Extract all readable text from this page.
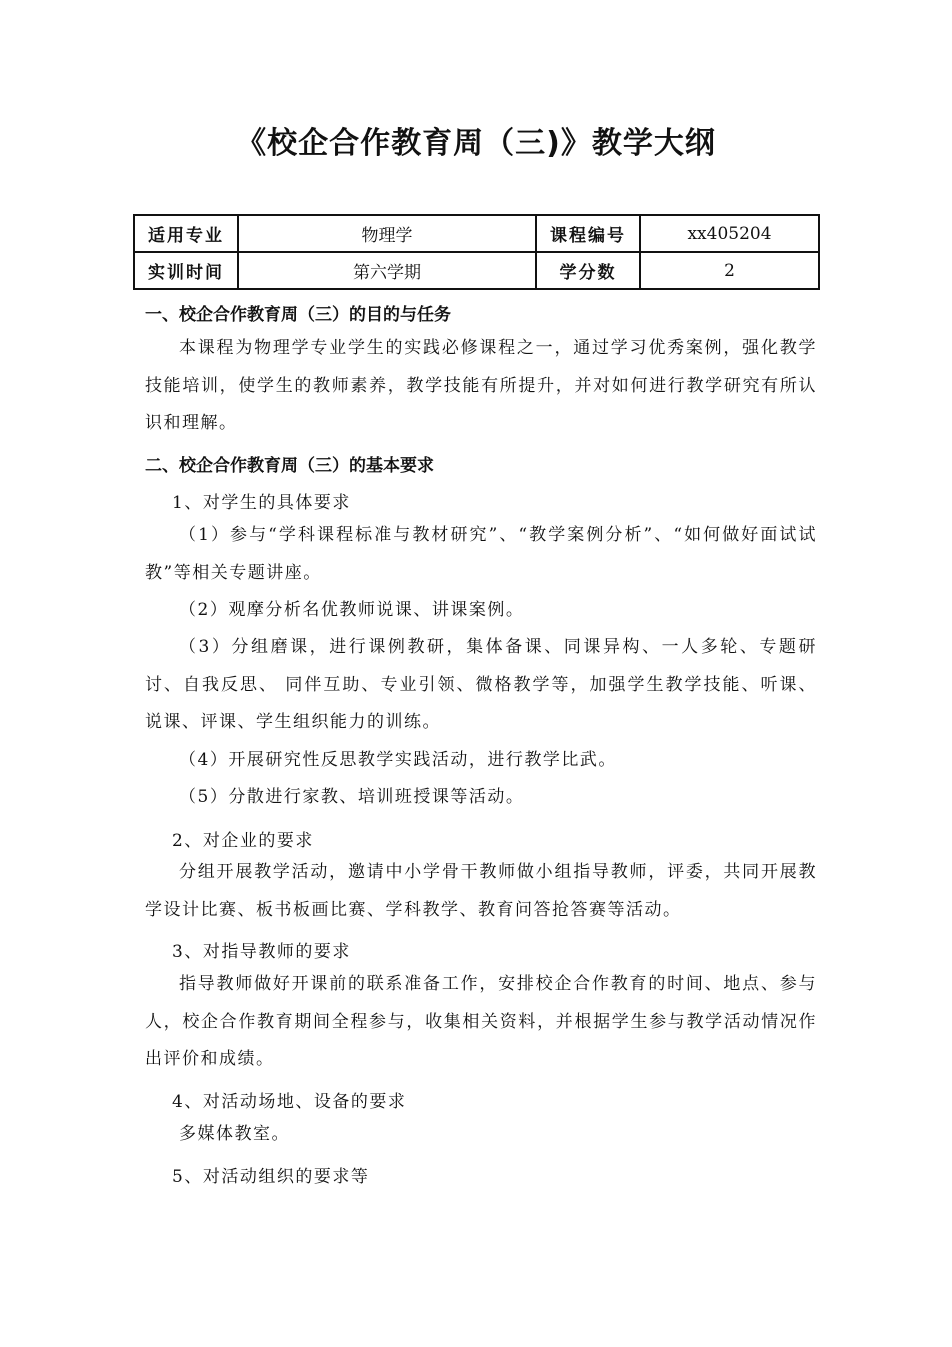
《校企合作教育周（三)》教学大纲
适用专业	物理学	课程编号	xx405204
实训时间	第六学期	学分数	2
一、校企合作教育周（三）的目的与任务
本课程为物理学专业学生的实践必修课程之一，通过学习优秀案例，强化教学技能培训，使学生的教师素养，教学技能有所提升，并对如何进行教学研究有所认识和理解。
二、校企合作教育周（三）的基本要求
1、对学生的具体要求
（1）参与“学科课程标准与教材研究”、“教学案例分析”、“如何做好面试试教”等相关专题讲座。
（2）观摩分析名优教师说课、讲课案例。
（3）分组磨课，进行课例教研，集体备课、同课异构、一人多轮、专题研讨、自我反思、 同伴互助、专业引领、微格教学等，加强学生教学技能、听课、说课、评课、学生组织能力的训练。
（4）开展研究性反思教学实践活动，进行教学比武。
（5）分散进行家教、培训班授课等活动。
2、对企业的要求
分组开展教学活动，邀请中小学骨干教师做小组指导教师，评委，共同开展教学设计比赛、板书板画比赛、学科教学、教育问答抢答赛等活动。
3、对指导教师的要求
指导教师做好开课前的联系准备工作，安排校企合作教育的时间、地点、参与人，校企合作教育期间全程参与，收集相关资料，并根据学生参与教学活动情况作出评价和成绩。
4、对活动场地、设备的要求
多媒体教室。
5、对活动组织的要求等
